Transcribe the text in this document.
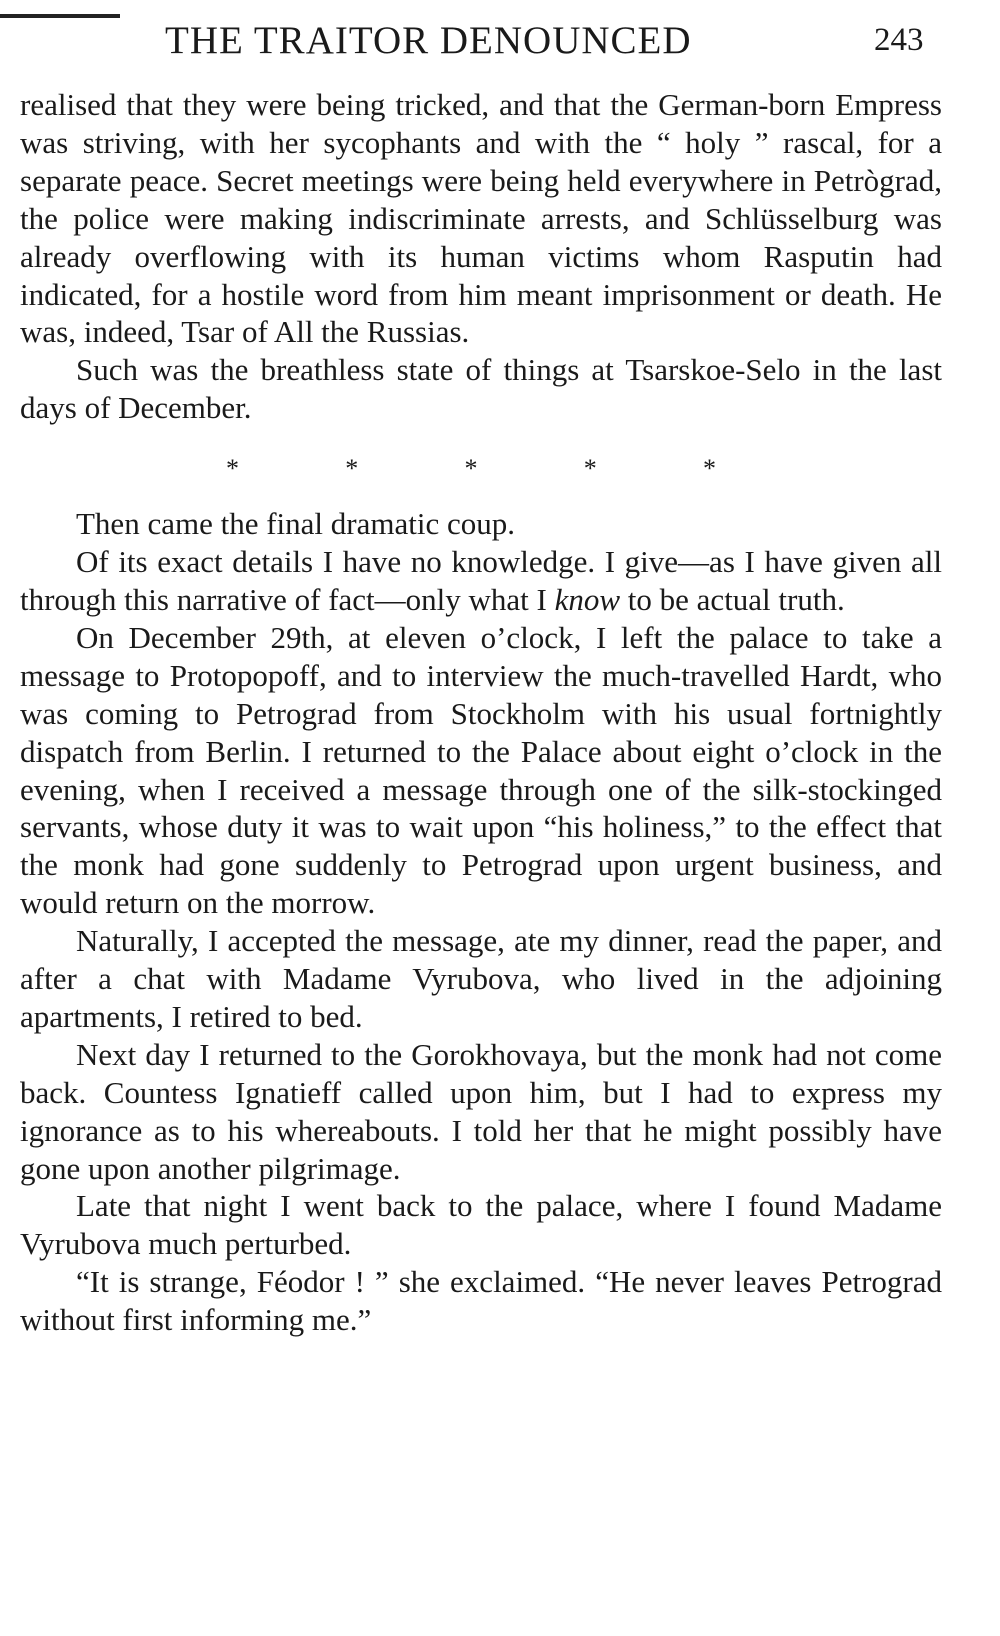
THE TRAITOR DENOUNCED	243

realised that they were being tricked, and that the German-born Empress was striving, with her sycophants and with the “ holy ” rascal, for a separate peace. Secret meetings were being held everywhere in Petrògrad, the police were making indiscriminate arrests, and Schlüsselburg was already overflowing with its human victims whom Rasputin had indicated, for a hostile word from him meant imprisonment or death. He was, indeed, Tsar of All the Russias.

Such was the breathless state of things at Tsarskoe-Selo in the last days of December.

*	*	*	*	*

Then came the final dramatic coup.

Of its exact details I have no knowledge. I give—as I have given all through this narrative of fact—only what I know to be actual truth.

On December 29th, at eleven o’clock, I left the palace to take a message to Protopopoff, and to interview the much-travelled Hardt, who was coming to Petrograd from Stockholm with his usual fortnightly dispatch from Berlin. I returned to the Palace about eight o’clock in the evening, when I received a message through one of the silk-stockinged servants, whose duty it was to wait upon “his holiness,” to the effect that the monk had gone suddenly to Petrograd upon urgent business, and would return on the morrow.

Naturally, I accepted the message, ate my dinner, read the paper, and after a chat with Madame Vyrubova, who lived in the adjoining apartments, I retired to bed.

Next day I returned to the Gorokhovaya, but the monk had not come back. Countess Ignatieff called upon him, but I had to express my ignorance as to his whereabouts. I told her that he might possibly have gone upon another pilgrimage.

Late that night I went back to the palace, where I found Madame Vyrubova much perturbed.

“It is strange, Féodor ! ” she exclaimed. “He never leaves Petrograd without first informing me.”
